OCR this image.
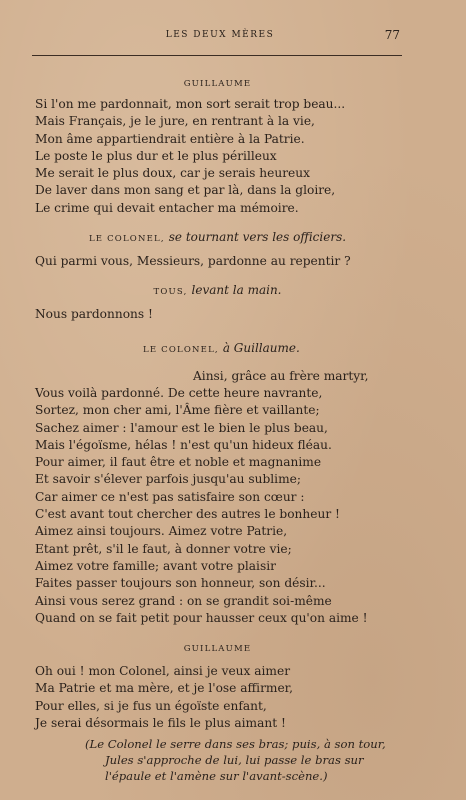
LES DEUX MÈRES	77
GUILLAUME
Si l'on me pardonnait, mon sort serait trop beau...
Mais Français, je le jure, en rentrant à la vie,
Mon âme appartiendrait entière à la Patrie.
Le poste le plus dur et le plus périlleux
Me serait le plus doux, car je serais heureux
De laver dans mon sang et par là, dans la gloire,
Le crime qui devait entacher ma mémoire.
LE COLONEL, se tournant vers les officiers.
Qui parmi vous, Messieurs, pardonne au repentir ?
TOUS, levant la main.
Nous pardonnons !
LE COLONEL, à Guillaume.
Ainsi, grâce au frère martyr,
Vous voilà pardonné. De cette heure navrante,
Sortez, mon cher ami, l'Âme fière et vaillante;
Sachez aimer : l'amour est le bien le plus beau,
Mais l'égoïsme, hélas ! n'est qu'un hideux fléau.
Pour aimer, il faut être et noble et magnanime
Et savoir s'élever parfois jusqu'au sublime;
Car aimer ce n'est pas satisfaire son cœur :
C'est avant tout chercher des autres le bonheur !
Aimez ainsi toujours. Aimez votre Patrie,
Etant prêt, s'il le faut, à donner votre vie;
Aimez votre famille; avant votre plaisir
Faites passer toujours son honneur, son désir...
Ainsi vous serez grand : on se grandit soi-même
Quand on se fait petit pour hausser ceux qu'on aime !
GUILLAUME
Oh oui ! mon Colonel, ainsi je veux aimer
Ma Patrie et ma mère, et je l'ose affirmer,
Pour elles, si je fus un égoïste enfant,
Je serai désormais le fils le plus aimant !
(Le Colonel le serre dans ses bras; puis, à son tour,
Jules s'approche de lui, lui passe le bras sur
l'épaule et l'amène sur l'avant-scène.)
